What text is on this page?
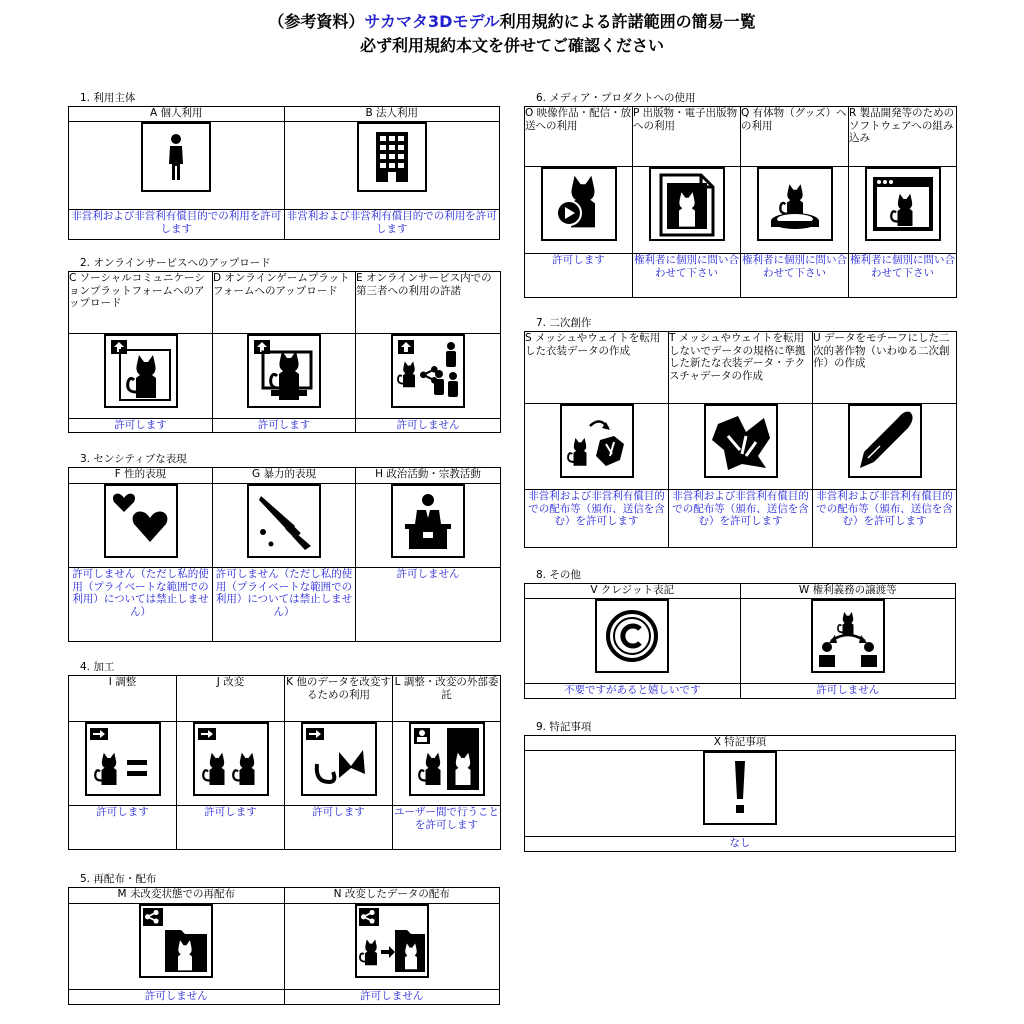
（参考資料）サカマタ3Dモデル利用規約による許諾範囲の簡易一覧
必ず利用規約本文を併せてご確認ください
1. 利用主体
A 個人利用	B 法人利用

非営利および非営利有償目的での利用を許可します	非営利および非営利有償目的での利用を許可します
2. オンラインサービスへのアップロード
C ソーシャルコミュニケーションプラットフォームへのアップロード	D オンラインゲームプラットフォームへのアップロード	E オンラインサービス内での第三者への利用の許諾

許可します	許可します	許可しません
3. センシティブな表現
F 性的表現	G 暴力的表現	H 政治活動・宗教活動

許可しません（ただし私的使用（プライベートな範囲での利用）については禁止しません）	許可しません（ただし私的使用（プライベートな範囲での利用）については禁止しません）	許可しません
4. 加工
I 調整	J 改変	K 他のデータを改変するための利用	L 調整・改変の外部委託

許可します	許可します	許可します	ユーザー間で行うことを許可します
5. 再配布・配布
M 未改変状態での再配布	N 改変したデータの配布

許可しません	許可しません
6. メディア・プロダクトへの使用
O 映像作品・配信・放送への利用	P 出版物・電子出版物への利用	Q 有体物（グッズ）への利用	R 製品開発等のためのソフトウェアへの組み込み

許可します	権利者に個別に問い合わせて下さい	権利者に個別に問い合わせて下さい	権利者に個別に問い合わせて下さい
7. 二次創作
S メッシュやウェイトを転用した衣装データの作成	T メッシュやウェイトを転用しないでデータの規格に準拠した新たな衣装データ・テクスチャデータの作成	U データをモチーフにした二次的著作物（いわゆる二次創作）の作成

非営利および非営利有償目的での配布等（頒布、送信を含む）を許可します	非営利および非営利有償目的での配布等（頒布、送信を含む）を許可します	非営利および非営利有償目的での配布等（頒布、送信を含む）を許可します
8. その他
V クレジット表記	W 権利義務の譲渡等

不要ですがあると嬉しいです	許可しません
9. 特記事項
X 特記事項

なし
